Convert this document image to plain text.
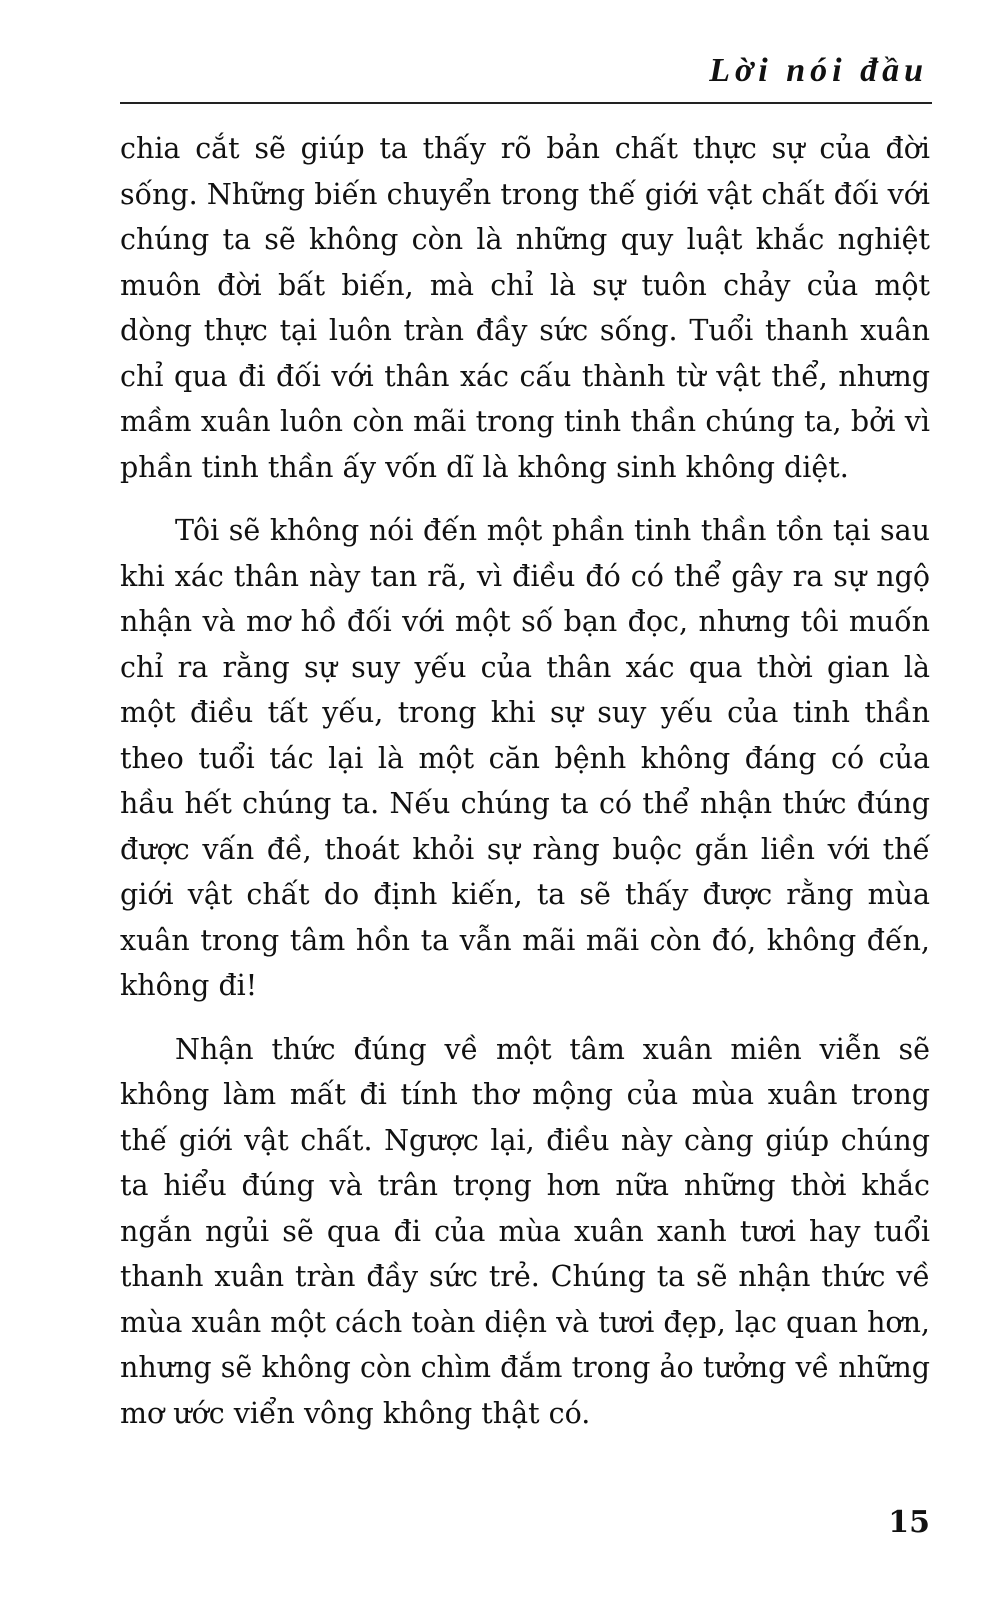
Lời nói đầu

chia cắt sẽ giúp ta thấy rõ bản chất thực sự của đời sống. Những biến chuyển trong thế giới vật chất đối với chúng ta sẽ không còn là những quy luật khắc nghiệt muôn đời bất biến, mà chỉ là sự tuôn chảy của một dòng thực tại luôn tràn đầy sức sống. Tuổi thanh xuân chỉ qua đi đối với thân xác cấu thành từ vật thể, nhưng mầm xuân luôn còn mãi trong tinh thần chúng ta, bởi vì phần tinh thần ấy vốn dĩ là không sinh không diệt.

Tôi sẽ không nói đến một phần tinh thần tồn tại sau khi xác thân này tan rã, vì điều đó có thể gây ra sự ngộ nhận và mơ hồ đối với một số bạn đọc, nhưng tôi muốn chỉ ra rằng sự suy yếu của thân xác qua thời gian là một điều tất yếu, trong khi sự suy yếu của tinh thần theo tuổi tác lại là một căn bệnh không đáng có của hầu hết chúng ta. Nếu chúng ta có thể nhận thức đúng được vấn đề, thoát khỏi sự ràng buộc gắn liền với thế giới vật chất do định kiến, ta sẽ thấy được rằng mùa xuân trong tâm hồn ta vẫn mãi mãi còn đó, không đến, không đi!

Nhận thức đúng về một tâm xuân miên viễn sẽ không làm mất đi tính thơ mộng của mùa xuân trong thế giới vật chất. Ngược lại, điều này càng giúp chúng ta hiểu đúng và trân trọng hơn nữa những thời khắc ngắn ngủi sẽ qua đi của mùa xuân xanh tươi hay tuổi thanh xuân tràn đầy sức trẻ. Chúng ta sẽ nhận thức về mùa xuân một cách toàn diện và tươi đẹp, lạc quan hơn, nhưng sẽ không còn chìm đắm trong ảo tưởng về những mơ ước viển vông không thật có.

15
